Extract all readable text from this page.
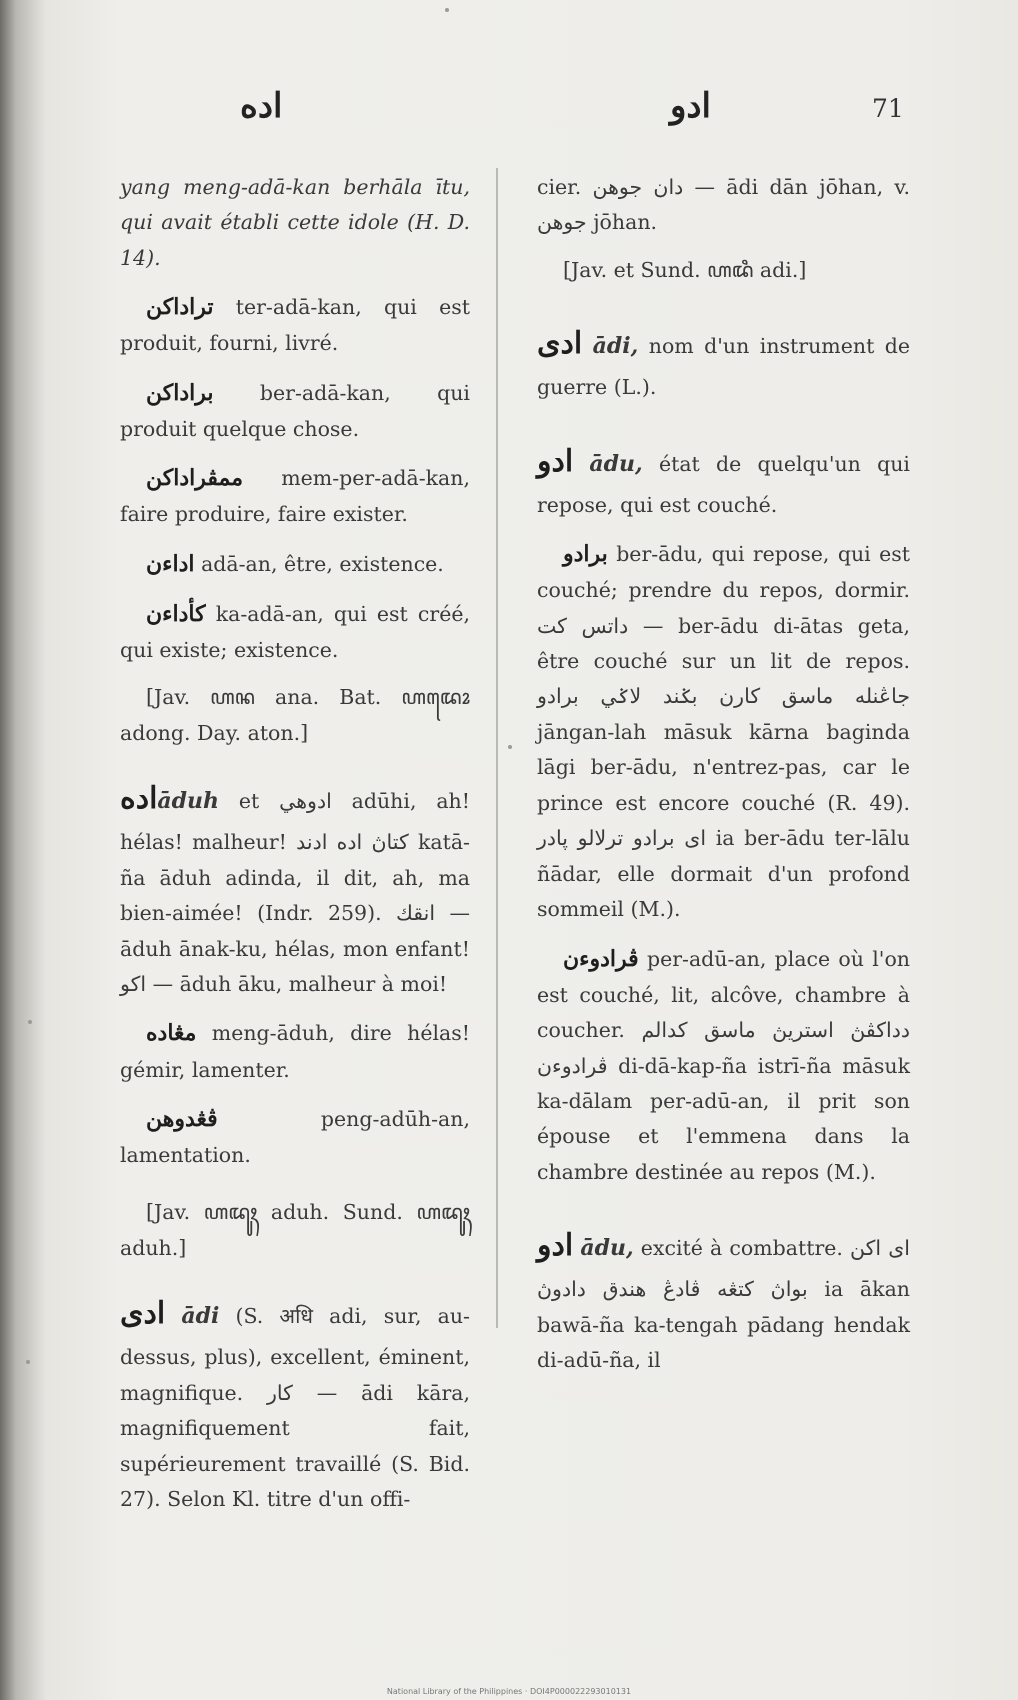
اده	ادو	71

yang meng-adā-kan berhāla ītu, qui avait établi cette idole (H. D. 14).

تراداكن ter-adā-kan, qui est produit, fourni, livré.

براداكن ber-adā-kan, qui produit quelque chose.

ممڤراداكن mem-per-adā-kan, faire produire, faire exister.

اداءن adā-an, être, existence.

كأداءن ka-adā-an, qui est créé, qui existe; existence.

[Jav. ꦲꦤ ana. Bat. ꦲꦢꦺꦴ adong. Day. aton.]

ادهāduh et ادوهي adūhi, ah! hélas! malheur! كتاڽ اده ادند katā-ña āduh adinda, il dit, ah, ma bien-aimée! (Indr. 259). انقك — āduh ānak-ku, hélas, mon enfant! اكو — āduh āku, malheur à moi!

مڠاده meng-āduh, dire hélas! gémir, lamenter.

ڤڠدوهن	peng-adūh-an, lamentation.

[Jav. ꦲꦢꦸꦃ aduh. Sund. ꦲꦢꦸꦃ aduh.]

ادى ādi (S. अधि adi, sur, au-dessus, plus), excellent, éminent, magnifique. كار — ādi kāra, magnifiquement fait, supérieurement travaillé (S. Bid. 27). Selon Kl. titre d'un offi-

cier. دان جوهن — ādi dān jōhan, v. جوهن jōhan.

[Jav. et Sund. ꦲꦢꦶ adi.]

ادى ādi, nom d'un instrument de guerre (L.).

ادو ādu, état de quelqu'un qui repose, qui est couché.

برادو ber-ādu, qui repose, qui est couché; prendre du repos, dormir. داتس كت — ber-ādu di-ātas geta, être couché sur un lit de repos. جاڠنله ماسق كارن بݢند لاݢي برادو jāngan-lah māsuk kārna baginda lāgi ber-ādu, n'entrez-pas, car le prince est encore couché (R. 49). اى برادو ترلالو ڽادر ia ber-ādu ter-lālu ñādar, elle dormait d'un profond sommeil (M.).

ڤرادوءن per-adū-an, place où l'on est couché, lit, alcôve, chambre à coucher. دداكڤڽ استريڽ ماسق كدالم ڤرادوءن di-dā-kap-ña istrī-ña māsuk ka-dālam per-adū-an, il prit son épouse et l'emmena dans la chambre destinée au repos (M.).

ادو ādu, excité à combattre. اى اكن بواڽ كتڠه ڤادڠ هندق دادوڽ ia ākan bawā-ña ka-tengah pādang hendak di-adū-ña, il

National Library of the Philippines · DOI4P000022293010131
